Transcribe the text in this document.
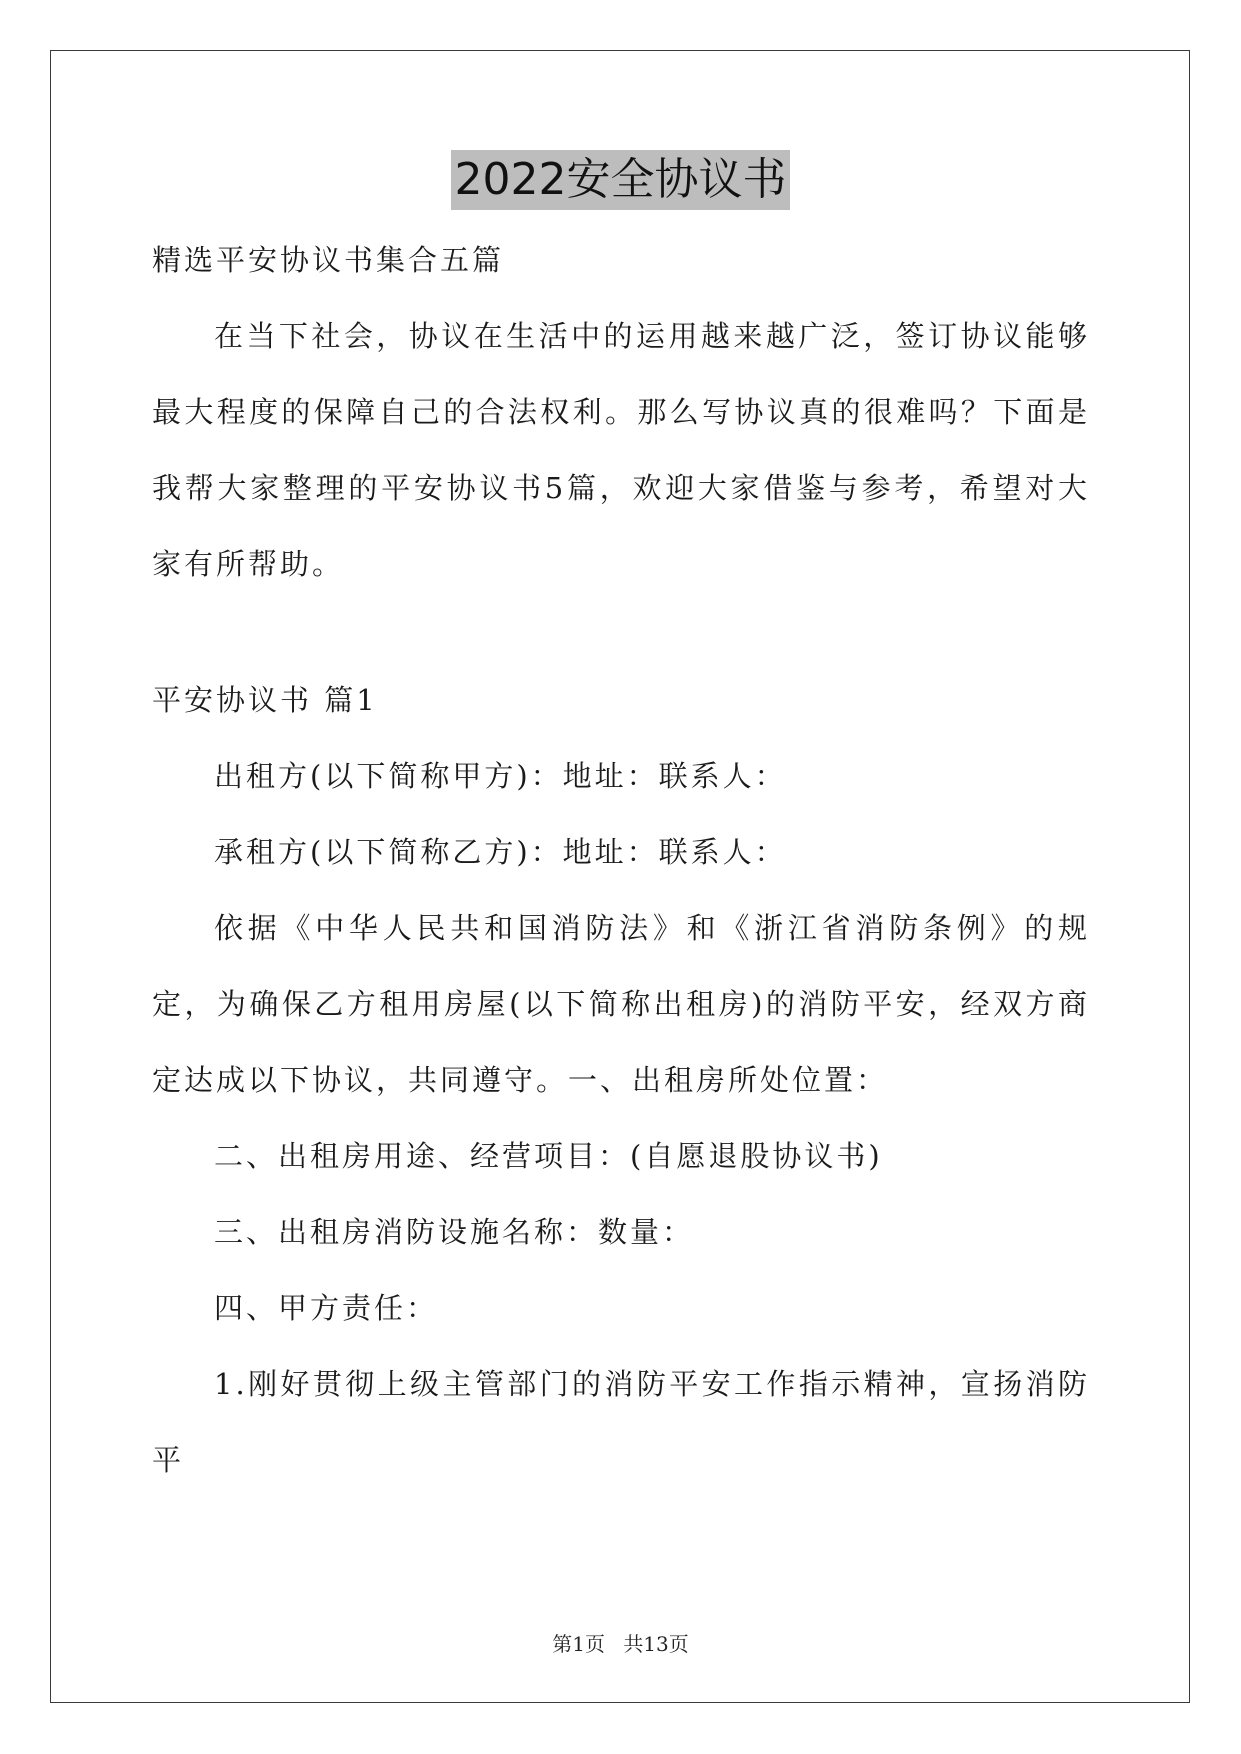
2022安全协议书

精选平安协议书集合五篇

在当下社会，协议在生活中的运用越来越广泛，签订协议能够最大程度的保障自己的合法权利。那么写协议真的很难吗？下面是我帮大家整理的平安协议书5篇，欢迎大家借鉴与参考，希望对大家有所帮助。

平安协议书 篇1

出租方(以下简称甲方)：地址：联系人：

承租方(以下简称乙方)：地址：联系人：

依据《中华人民共和国消防法》和《浙江省消防条例》的规定，为确保乙方租用房屋(以下简称出租房)的消防平安，经双方商定达成以下协议，共同遵守。一、出租房所处位置：

二、出租房用途、经营项目：(自愿退股协议书)

三、出租房消防设施名称：数量：

四、甲方责任：

1.刚好贯彻上级主管部门的消防平安工作指示精神，宣扬消防平

第1页 共13页
